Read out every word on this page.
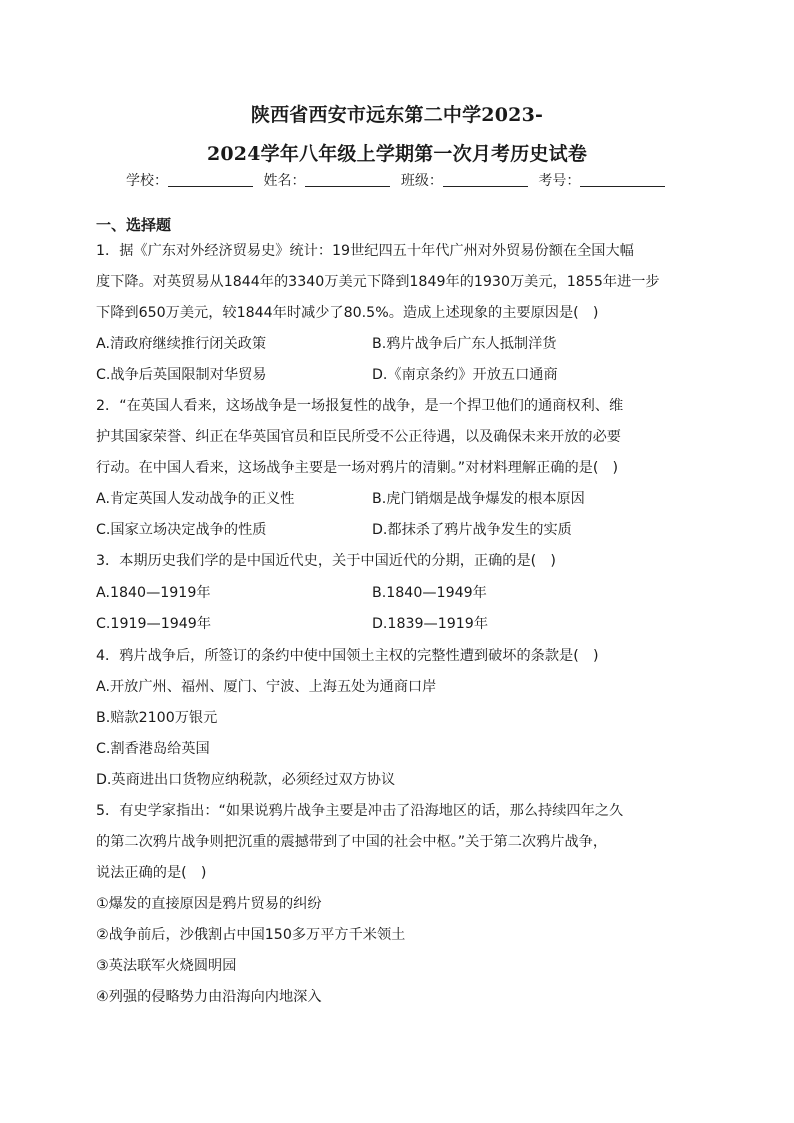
陕西省西安市远东第二中学2023-
2024学年八年级上学期第一次月考历史试卷
学校：	姓名：	班级：	考号：
一、选择题
1．据《广东对外经济贸易史》统计：19世纪四五十年代广州对外贸易份额在全国大幅
度下降。对英贸易从1844年的3340万美元下降到1849年的1930万美元，1855年进一步
下降到650万美元，较1844年时减少了80.5%。造成上述现象的主要原因是(　)
A.清政府继续推行闭关政策	B.鸦片战争后广东人抵制洋货
C.战争后英国限制对华贸易	D.《南京条约》开放五口通商
2．“在英国人看来，这场战争是一场报复性的战争，是一个捍卫他们的通商权利、维
护其国家荣誉、纠正在华英国官员和臣民所受不公正待遇，以及确保未来开放的必要
行动。在中国人看来，这场战争主要是一场对鸦片的清剿。”对材料理解正确的是(　)
A.肯定英国人发动战争的正义性	B.虎门销烟是战争爆发的根本原因
C.国家立场决定战争的性质	D.都抹杀了鸦片战争发生的实质
3．本期历史我们学的是中国近代史，关于中国近代的分期，正确的是(　)
A.1840—1919年	B.1840—1949年
C.1919—1949年	D.1839—1919年
4．鸦片战争后，所签订的条约中使中国领土主权的完整性遭到破坏的条款是(　)
A.开放广州、福州、厦门、宁波、上海五处为通商口岸
B.赔款2100万银元
C.割香港岛给英国
D.英商进出口货物应纳税款，必须经过双方协议
5．有史学家指出：“如果说鸦片战争主要是冲击了沿海地区的话，那么持续四年之久
的第二次鸦片战争则把沉重的震撼带到了中国的社会中枢。”关于第二次鸦片战争，
说法正确的是(　)
①爆发的直接原因是鸦片贸易的纠纷
②战争前后，沙俄割占中国150多万平方千米领土
③英法联军火烧圆明园
④列强的侵略势力由沿海向内地深入
